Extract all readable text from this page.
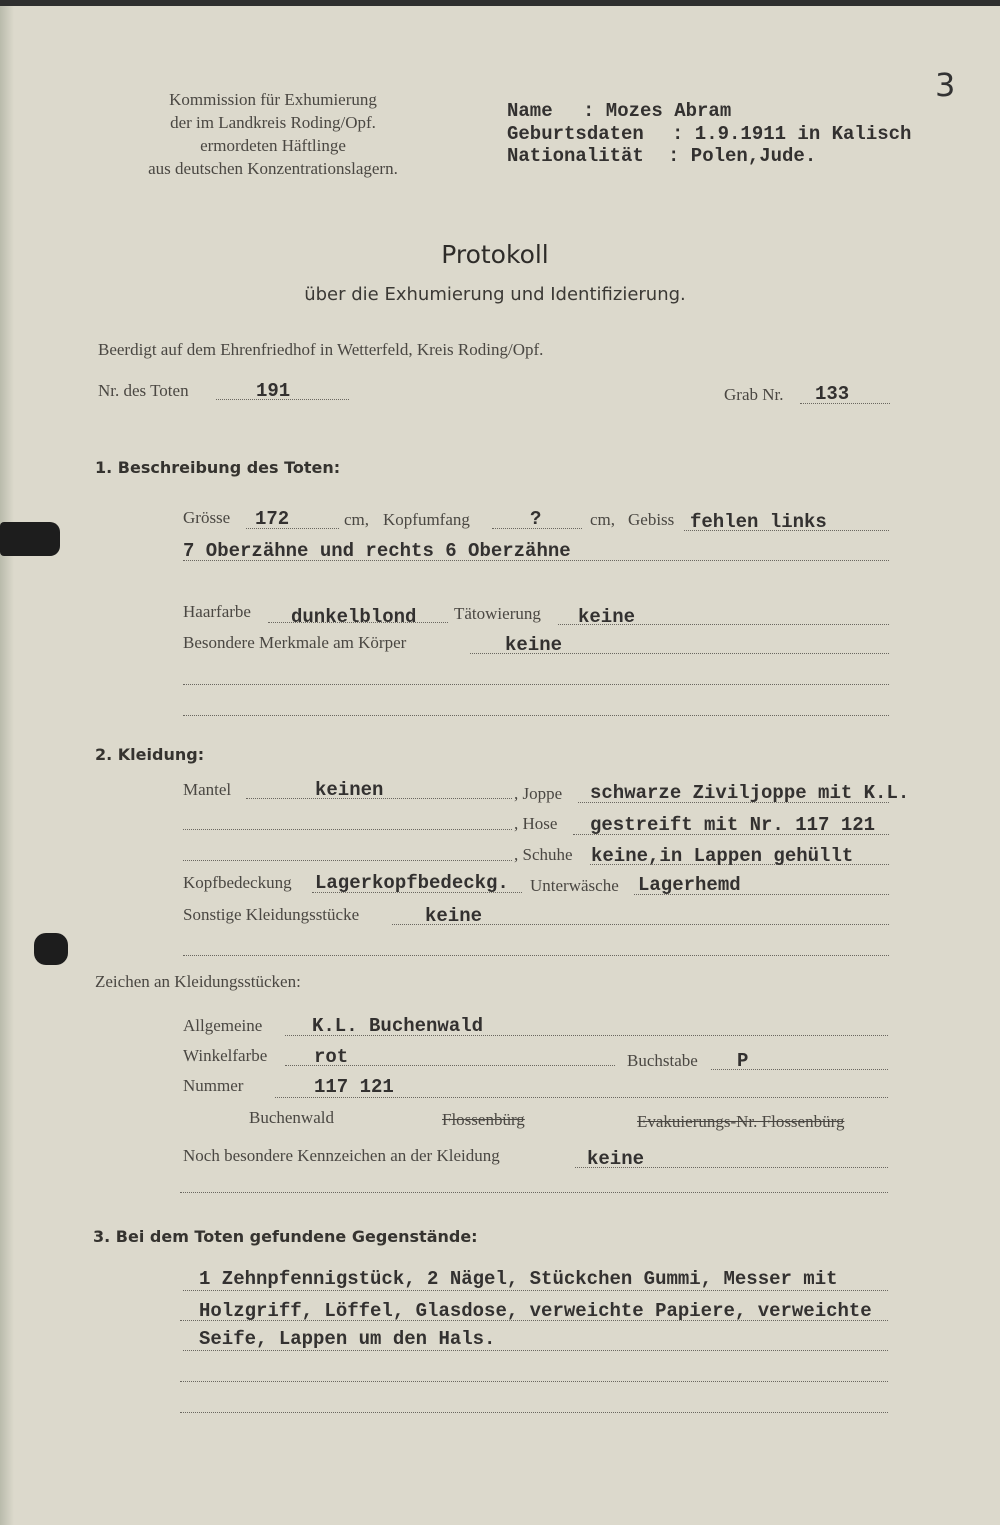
3
Kommission für Exhumierung
der im Landkreis Roding/Opf.
ermordeten Häftlinge
aus deutschen Konzentrationslagern.
Name : Mozes Abram
Geburtsdaten : 1.9.1911 in Kalisch
Nationalität : Polen,Jude.
Protokoll
über die Exhumierung und Identifizierung.
Beerdigt auf dem Ehrenfriedhof in Wetterfeld, Kreis Roding/Opf.
Nr. des Toten	191	Grab Nr. 133
1. Beschreibung des Toten:
Grösse 172	cm, Kopfumfang	?	cm, Gebiss fehlen links
7 Oberzähne und rechts 6 Oberzähne
Haarfarbe dunkelblond Tätowierung keine
Besondere Merkmale am Körper	keine
2. Kleidung:
Mantel	keinen	, Joppe schwarze Ziviljoppe mit K.L.
, Hose gestreift mit Nr. 117 121
, Schuhe keine,in Lappen gehüllt
Kopfbedeckung Lagerkopfbedeckg. Unterwäsche Lagerhemd
Sonstige Kleidungsstücke	keine
Zeichen an Kleidungsstücken:
Allgemeine	K.L. Buchenwald
Winkelfarbe rot	Buchstabe P
Nummer	117 121
Buchenwald	Flossenbürg	Evakuierungs-Nr. Flossenbürg
Noch besondere Kennzeichen an der Kleidung	keine
3. Bei dem Toten gefundene Gegenstände:
1 Zehnpfennigstück, 2 Nägel, Stückchen Gummi, Messer mit
Holzgriff, Löffel, Glasdose, verweichte Papiere, verweichte
Seife, Lappen um den Hals.
